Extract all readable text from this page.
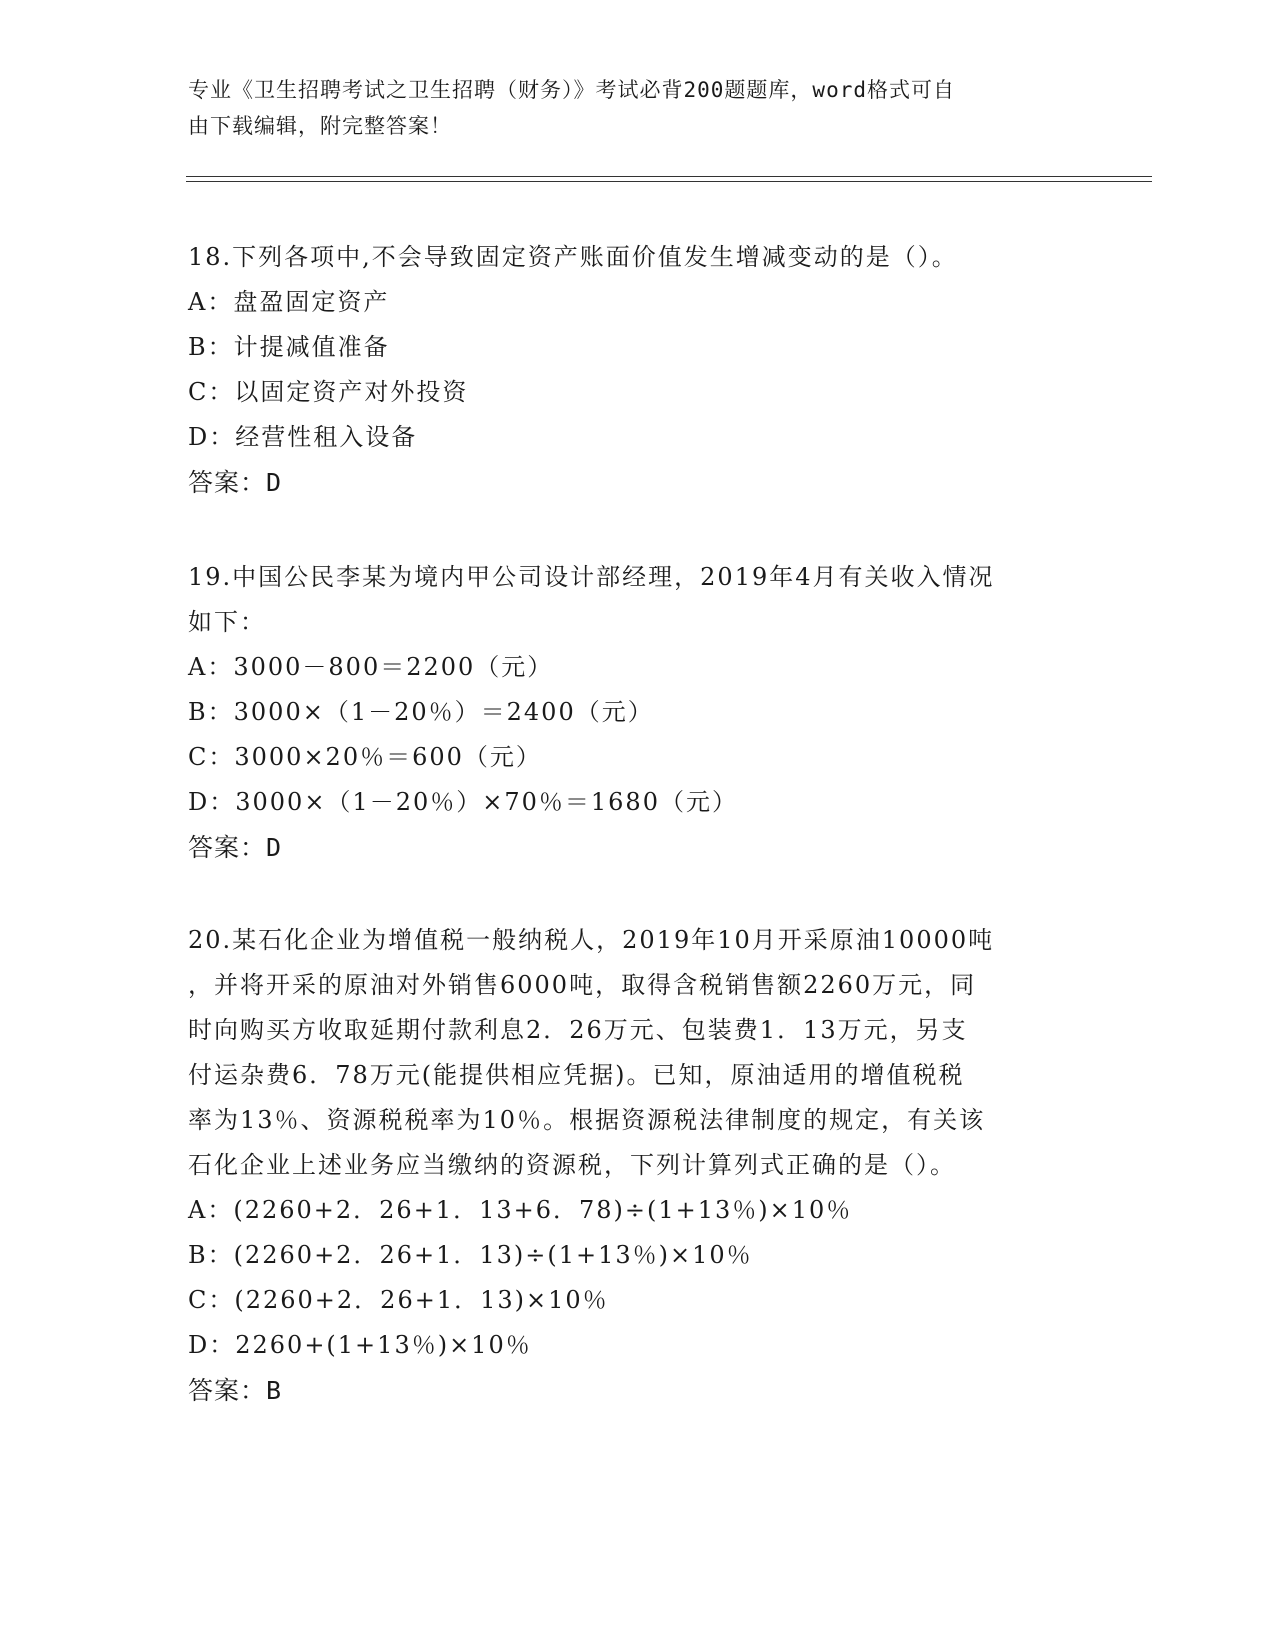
专业《卫生招聘考试之卫生招聘（财务）》考试必背200题题库，word格式可自
由下载编辑，附完整答案！
18.下列各项中,不会导致固定资产账面价值发生增减变动的是（）。
A：盘盈固定资产
B：计提减值准备
C：以固定资产对外投资
D：经营性租入设备
答案：D
19.中国公民李某为境内甲公司设计部经理，2019年4月有关收入情况
如下：
A：3000－800＝2200（元）
B：3000×（1－20％）＝2400（元）
C：3000×20％＝600（元）
D：3000×（1－20％）×70％＝1680（元）
答案：D
20.某石化企业为增值税一般纳税人，2019年10月开采原油10000吨
，并将开采的原油对外销售6000吨，取得含税销售额2260万元，同
时向购买方收取延期付款利息2．26万元、包装费1．13万元，另支
付运杂费6．78万元(能提供相应凭据)。已知，原油适用的增值税税
率为13％、资源税税率为10％。根据资源税法律制度的规定，有关该
石化企业上述业务应当缴纳的资源税，下列计算列式正确的是（）。
A：(2260+2．26+1．13+6．78)÷(1+13％)×10％
B：(2260+2．26+1．13)÷(1+13％)×10％
C：(2260+2．26+1．13)×10％
D：2260+(1+13％)×10％
答案：B
